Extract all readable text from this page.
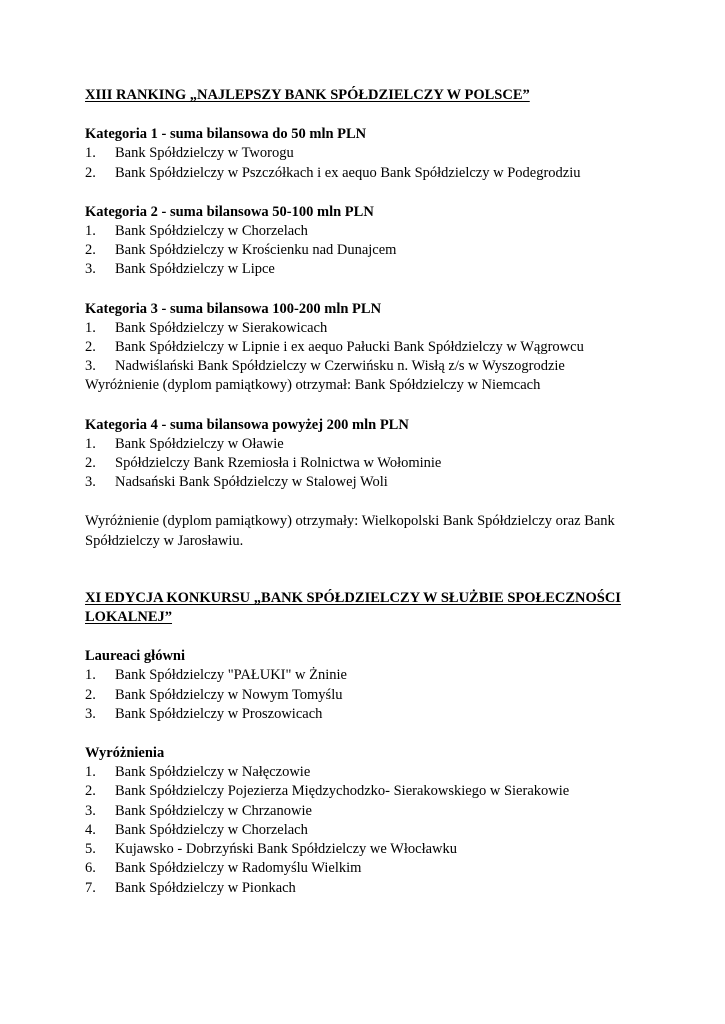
XIII RANKING „NAJLEPSZY BANK SPÓŁDZIELCZY W POLSCE”

Kategoria 1 - suma bilansowa do 50 mln PLN

1.	Bank Spółdzielczy w Tworogu
2.	Bank Spółdzielczy w Pszczółkach i ex aequo Bank Spółdzielczy w Podegrodziu

Kategoria 2 - suma bilansowa 50-100 mln PLN

1.	Bank Spółdzielczy w Chorzelach
2.	Bank Spółdzielczy w Krościenku nad Dunajcem
3.	Bank Spółdzielczy w Lipce

Kategoria 3 - suma bilansowa 100-200 mln PLN

1.	Bank Spółdzielczy w Sierakowicach
2.	Bank Spółdzielczy w Lipnie i ex aequo Pałucki Bank Spółdzielczy w Wągrowcu
3.	Nadwiślański Bank Spółdzielczy w Czerwińsku n. Wisłą z/s w Wyszogrodzie

Wyróżnienie (dyplom pamiątkowy) otrzymał: Bank Spółdzielczy w Niemcach

Kategoria 4 - suma bilansowa powyżej 200 mln PLN

1.	Bank Spółdzielczy w Oławie
2.	Spółdzielczy Bank Rzemiosła i Rolnictwa w Wołominie
3.	Nadsański Bank Spółdzielczy w Stalowej Woli

Wyróżnienie (dyplom pamiątkowy) otrzymały: Wielkopolski Bank Spółdzielczy oraz Bank Spółdzielczy w Jarosławiu.

XI EDYCJA KONKURSU „BANK SPÓŁDZIELCZY W SŁUŻBIE SPOŁECZNOŚCI

LOKALNEJ”

Laureaci główni

1.	Bank Spółdzielczy "PAŁUKI" w Żninie
2.	Bank Spółdzielczy w Nowym Tomyślu
3.	Bank Spółdzielczy w Proszowicach

Wyróżnienia

1.	Bank Spółdzielczy w Nałęczowie
2.	Bank Spółdzielczy Pojezierza Międzychodzko- Sierakowskiego w Sierakowie
3.	Bank Spółdzielczy w Chrzanowie
4.	Bank Spółdzielczy w Chorzelach
5.	Kujawsko - Dobrzyński Bank Spółdzielczy we Włocławku
6.	Bank Spółdzielczy w Radomyślu Wielkim
7.	Bank Spółdzielczy w Pionkach
